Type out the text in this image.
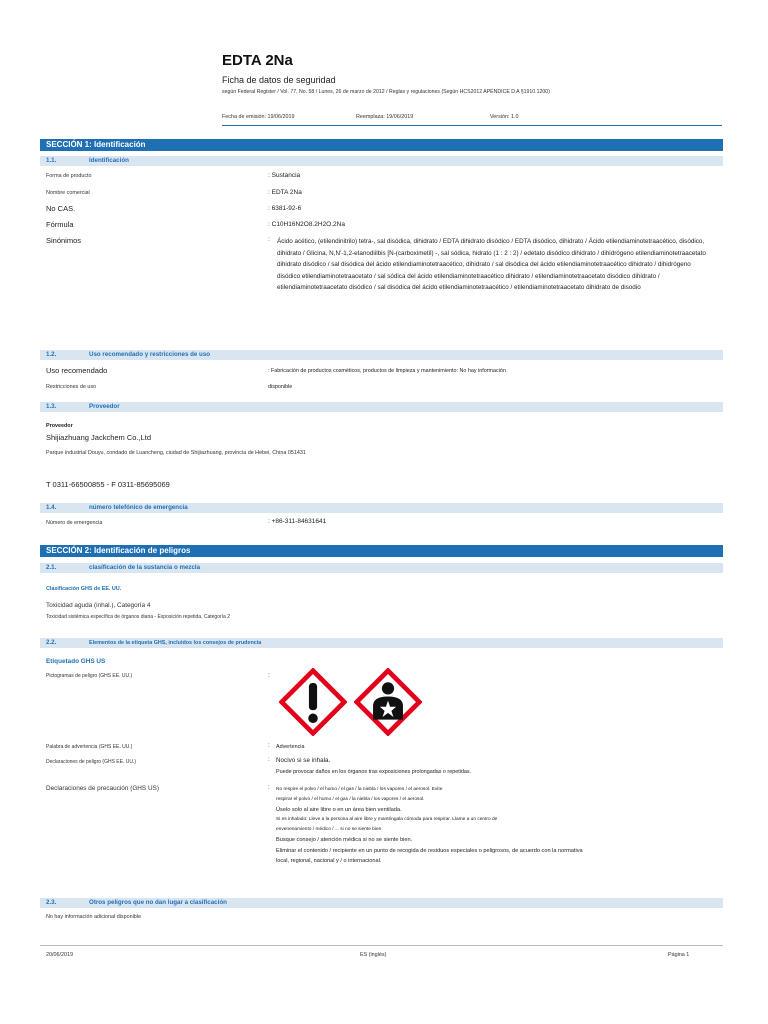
EDTA 2Na
Ficha de datos de seguridad
según Federal Register / Vol. 77, No. 58 / Lunes, 26 de marzo de 2012 / Reglas y regulaciones (Según HCS2012 APÉNDICE D A §1910.1200)
Fecha de emisión: 19/06/2019	Reemplaza: 19/06/2019	Versión: 1.0
SECCIÓN 1: Identificación
1.1.	Identificación
Forma de producto	: Sustancia
Nombre comercial	: EDTA 2Na
No CAS.	: 6381-92-6
Fórmula	: C10H16N2O8.2H2O.2Na
Sinónimos	: Ácido acético, (etilendinitrilo) tetra-, sal disódica, dihidrato / EDTA dihidrato disódico / EDTA disódico, dihidrato / Ácido etilendiaminotetraacético, disódico, dihidrato / Glicina, N,N'-1,2-etanodiilbis [N-(carboximetil) -, sal sódica, hidrato (1 : 2 : 2) / edetato disódico dihidrato / dihidrógeno etilendiaminotetraacetato dihidrato disódico / sal disódica del ácido etilendiaminotetraacético, dihidrato / sal disódica del ácido etilendiaminotetraacético dihidrato / dihidrógeno disódico etilendiaminotetraacetato / sal sódica del ácido etilendiaminotetraacético dihidrato / etilendiaminotetraacetato disódico dihidrato / etilendiaminotetraacetato disódico / sal disódica del ácido etilendiaminotetraacético / etilendiaminotetraacetato dihidrato de disodio
1.2.	Uso recomendado y restricciones de uso
Uso recomendado	: Fabricación de productos cosméticos, productos de limpieza y mantenimiento: No hay información
Restricciones de uso	disponible
1.3.	Proveedor
Proveedor
Shijiazhuang Jackchem Co.,Ltd
Parque industrial Douyu, condado de Luancheng, ciudad de Shijiazhuang, provincia de Hebei, China 051431
T 0311-66500855 - F 0311-85695069
1.4.	número telefónico de emergencia
Número de emergencia	: +86-311-84631641
SECCIÓN 2: Identificación de peligros
2.1.	clasificación de la sustancia o mezcla
Clasificación GHS de EE. UU.
Toxicidad aguda (inhal.), Categoría 4
Toxicidad sistémica específica de órganos diana - Exposición repetida, Categoría 2
2.2.	Elementos de la etiqueta GHS, incluidos los consejos de prudencia
Etiquetado GHS US
Pictogramas de peligro (GHS EE. UU.)	:
Palabra de advertencia (GHS EE. UU.)	: Advertencia
Declaraciones de peligro (GHS EE. UU.)	: Nocivo si se inhala.
Puede provocar daños en los órganos tras exposiciones prolongadas o repetidas.
Declaraciones de precaución (GHS US)	: No respire el polvo / el humo / el gas / la niebla / los vapores / el aerosol. Evite
respirar el polvo / el humo / el gas / la niebla / los vapores / el aerosol.
Úselo solo al aire libre o en un área bien ventilada.
Si es inhalado: Lleve a la persona al aire libre y manténgala cómoda para respirar. Llame a un centro de
envenenamiento / médico / ... si no se siente bien
Busque consejo / atención médica si no se siente bien.
Eliminar el contenido / recipiente en un punto de recogida de residuos especiales o peligrosos, de acuerdo con la normativa
local, regional, nacional y / o internacional.
2.3.	Otros peligros que no dan lugar a clasificación
No hay información adicional disponible
20/06/2019	ES (inglés)	Página 1
